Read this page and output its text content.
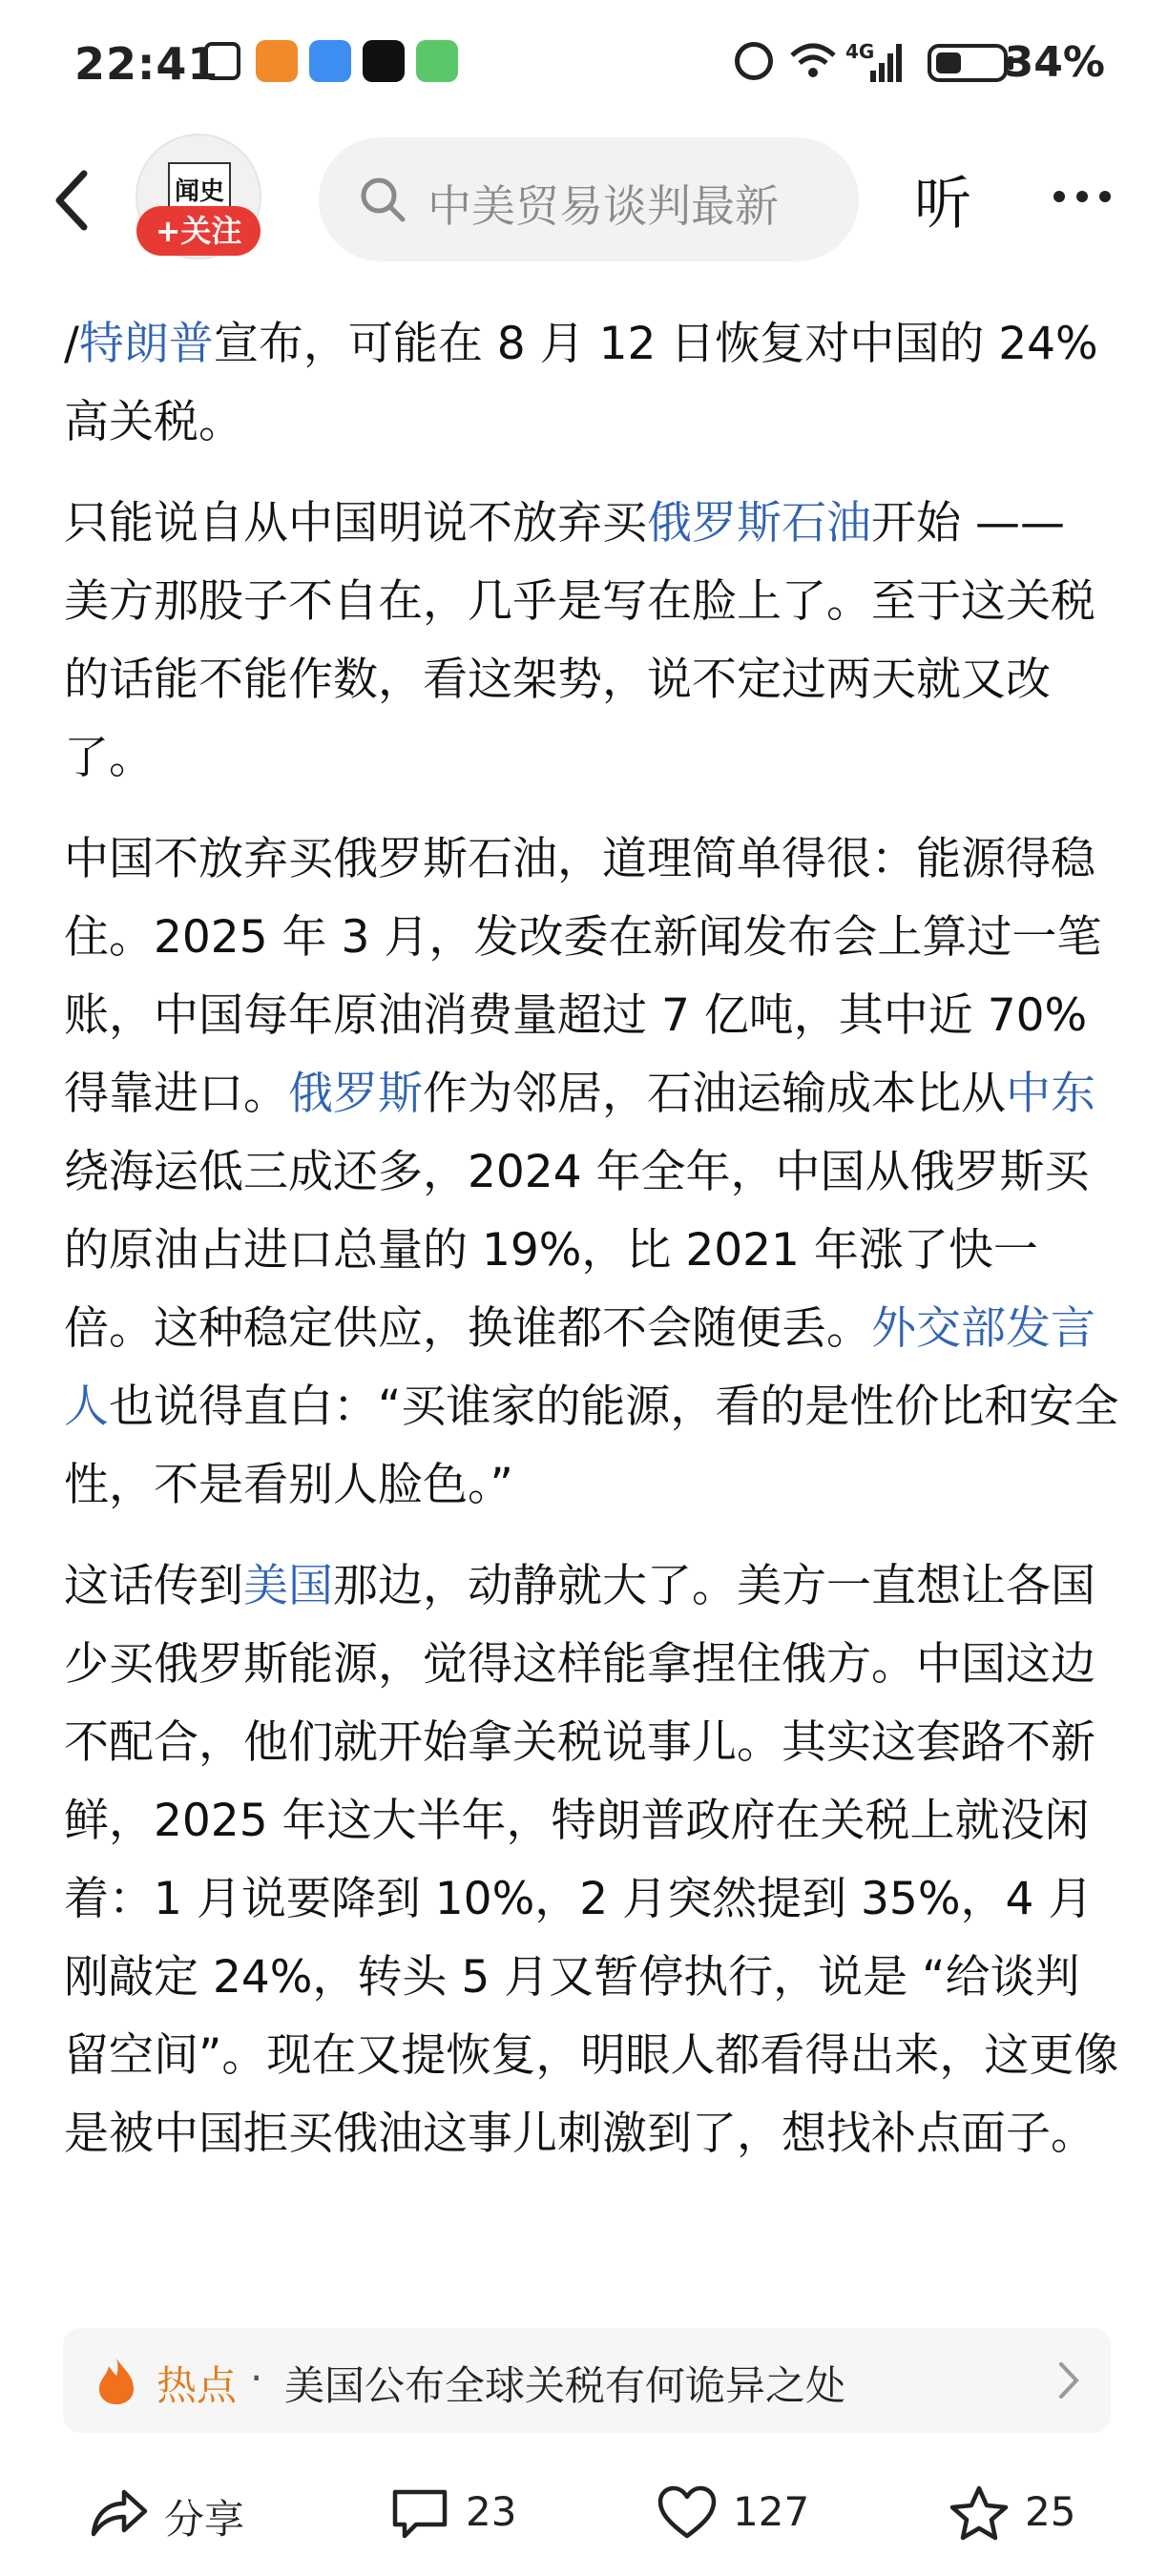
22:41	4G	34%
闻史
+关注	中美贸易谈判最新	听

/特朗普宣布，可能在 8 月 12 日恢复对中国的 24% 高关税。

只能说自从中国明说不放弃买俄罗斯石油开始 —— 美方那股子不自在，几乎是写在脸上了。至于这关税的话能不能作数，看这架势，说不定过两天就又改了。

中国不放弃买俄罗斯石油，道理简单得很：能源得稳住。2025 年 3 月，发改委在新闻发布会上算过一笔账，中国每年原油消费量超过 7 亿吨，其中近 70% 得靠进口。俄罗斯作为邻居，石油运输成本比从中东绕海运低三成还多，2024 年全年，中国从俄罗斯买的原油占进口总量的 19%，比 2021 年涨了快一倍。这种稳定供应，换谁都不会随便丢。外交部发言人也说得直白：“买谁家的能源，看的是性价比和安全性，不是看别人脸色。”

这话传到美国那边，动静就大了。美方一直想让各国少买俄罗斯能源，觉得这样能拿捏住俄方。中国这边不配合，他们就开始拿关税说事儿。其实这套路不新鲜，2025 年这大半年，特朗普政府在关税上就没闲着：1 月说要降到 10%，2 月突然提到 35%，4 月刚敲定 24%，转头 5 月又暂停执行，说是 “给谈判留空间”。现在又提恢复，明眼人都看得出来，这更像是被中国拒买俄油这事儿刺激到了，想找补点面子。

热点 · 美国公布全球关税有何诡异之处
分享	23	127	25
